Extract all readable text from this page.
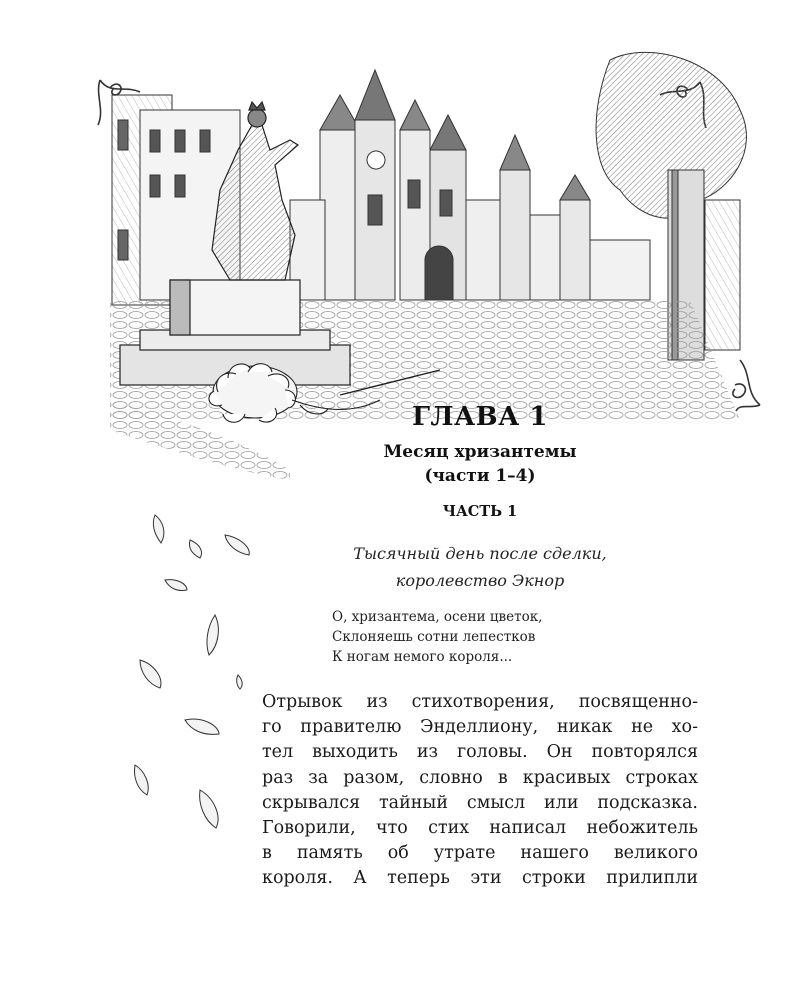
ГЛАВА 1
Месяц хризантемы
(части 1–4)
ЧАСТЬ 1
Тысячный день после сделки,
королевство Экнор
О, хризантема, осени цветок,
Склоняешь сотни лепестков
К ногам немого короля...
Отрывок из стихотворения, посвященно-
го правителю Энделлиону, никак не хо-
тел выходить из головы. Он повторялся
раз за разом, словно в красивых строках
скрывался тайный смысл или подсказка.
Говорили, что стих написал небожитель
в память об утрате нашего великого
короля. А теперь эти строки прилипли
